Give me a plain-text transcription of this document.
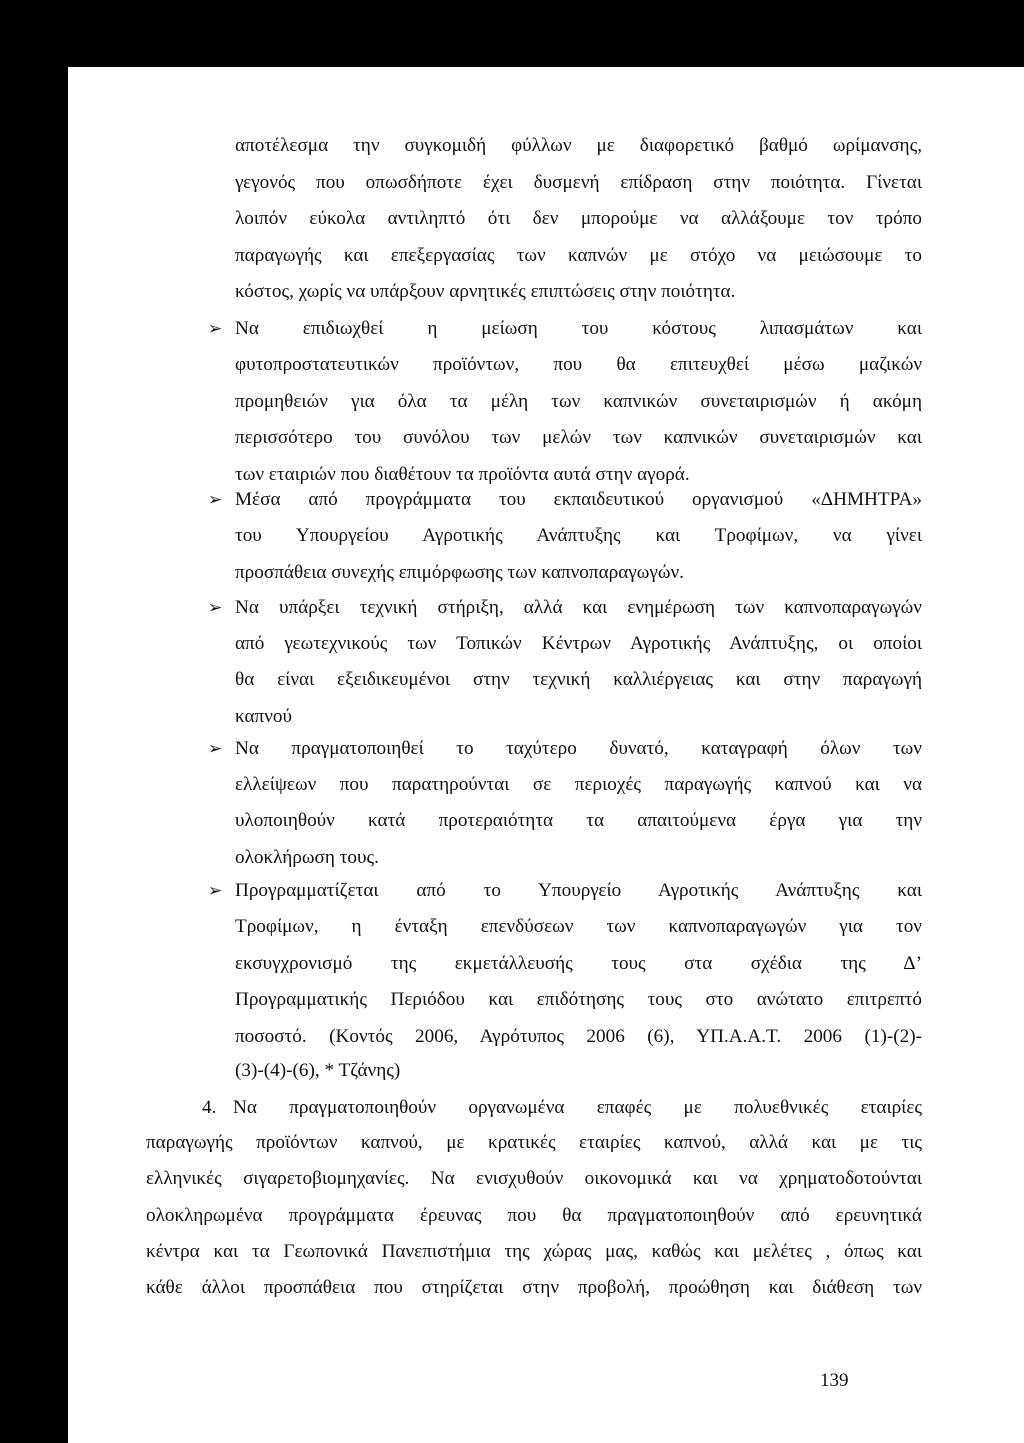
αποτέλεσμα την συγκομιδή φύλλων με διαφορετικό βαθμό ωρίμανσης,
γεγονός που οπωσδήποτε έχει δυσμενή επίδραση στην ποιότητα. Γίνεται
λοιπόν εύκολα αντιληπτό ότι δεν μπορούμε να αλλάξουμε τον τρόπο
παραγωγής και επεξεργασίας των καπνών με στόχο να μειώσουμε το
κόστος, χωρίς να υπάρξουν αρνητικές επιπτώσεις στην ποιότητα.
➢ Να επιδιωχθεί η μείωση του κόστους λιπασμάτων και
φυτοπροστατευτικών προϊόντων, που θα επιτευχθεί μέσω μαζικών
προμηθειών για όλα τα μέλη των καπνικών συνεταιρισμών ή ακόμη
περισσότερο του συνόλου των μελών των καπνικών συνεταιρισμών και
των εταιριών που διαθέτουν τα προϊόντα αυτά στην αγορά.
➢ Μέσα από προγράμματα του εκπαιδευτικού οργανισμού «ΔΗΜΗΤΡΑ»
του Υπουργείου Αγροτικής Ανάπτυξης και Τροφίμων, να γίνει
προσπάθεια συνεχής επιμόρφωσης των καπνοπαραγωγών.
➢ Να υπάρξει τεχνική στήριξη, αλλά και ενημέρωση των καπνοπαραγωγών
από γεωτεχνικούς των Τοπικών Κέντρων Αγροτικής Ανάπτυξης, οι οποίοι
θα είναι εξειδικευμένοι στην τεχνική καλλιέργειας και στην παραγωγή
καπνού
➢ Να πραγματοποιηθεί το ταχύτερο δυνατό, καταγραφή όλων των
ελλείψεων που παρατηρούνται σε περιοχές παραγωγής καπνού και να
υλοποιηθούν κατά προτεραιότητα τα απαιτούμενα έργα για την
ολοκλήρωση τους.
➢ Προγραμματίζεται από το Υπουργείο Αγροτικής Ανάπτυξης και
Τροφίμων, η ένταξη επενδύσεων των καπνοπαραγωγών για τον
εκσυγχρονισμό της εκμετάλλευσής τους στα σχέδια της Δ’
Προγραμματικής Περιόδου και επιδότησης τους στο ανώτατο επιτρεπτό
ποσοστό. (Κοντός 2006, Αγρότυπος 2006 (6), ΥΠ.Α.Α.Τ. 2006 (1)-(2)-
(3)-(4)-(6), * Τζάνης)
4. Να πραγματοποιηθούν οργανωμένα επαφές με πολυεθνικές εταιρίες
παραγωγής προϊόντων καπνού, με κρατικές εταιρίες καπνού, αλλά και με τις
ελληνικές σιγαρετοβιομηχανίες. Να ενισχυθούν οικονομικά και να χρηματοδοτούνται
ολοκληρωμένα προγράμματα έρευνας που θα πραγματοποιηθούν από ερευνητικά
κέντρα και τα Γεωπονικά Πανεπιστήμια της χώρας μας, καθώς και μελέτες , όπως και
κάθε άλλοι προσπάθεια που στηρίζεται στην προβολή, προώθηση και διάθεση των
139
